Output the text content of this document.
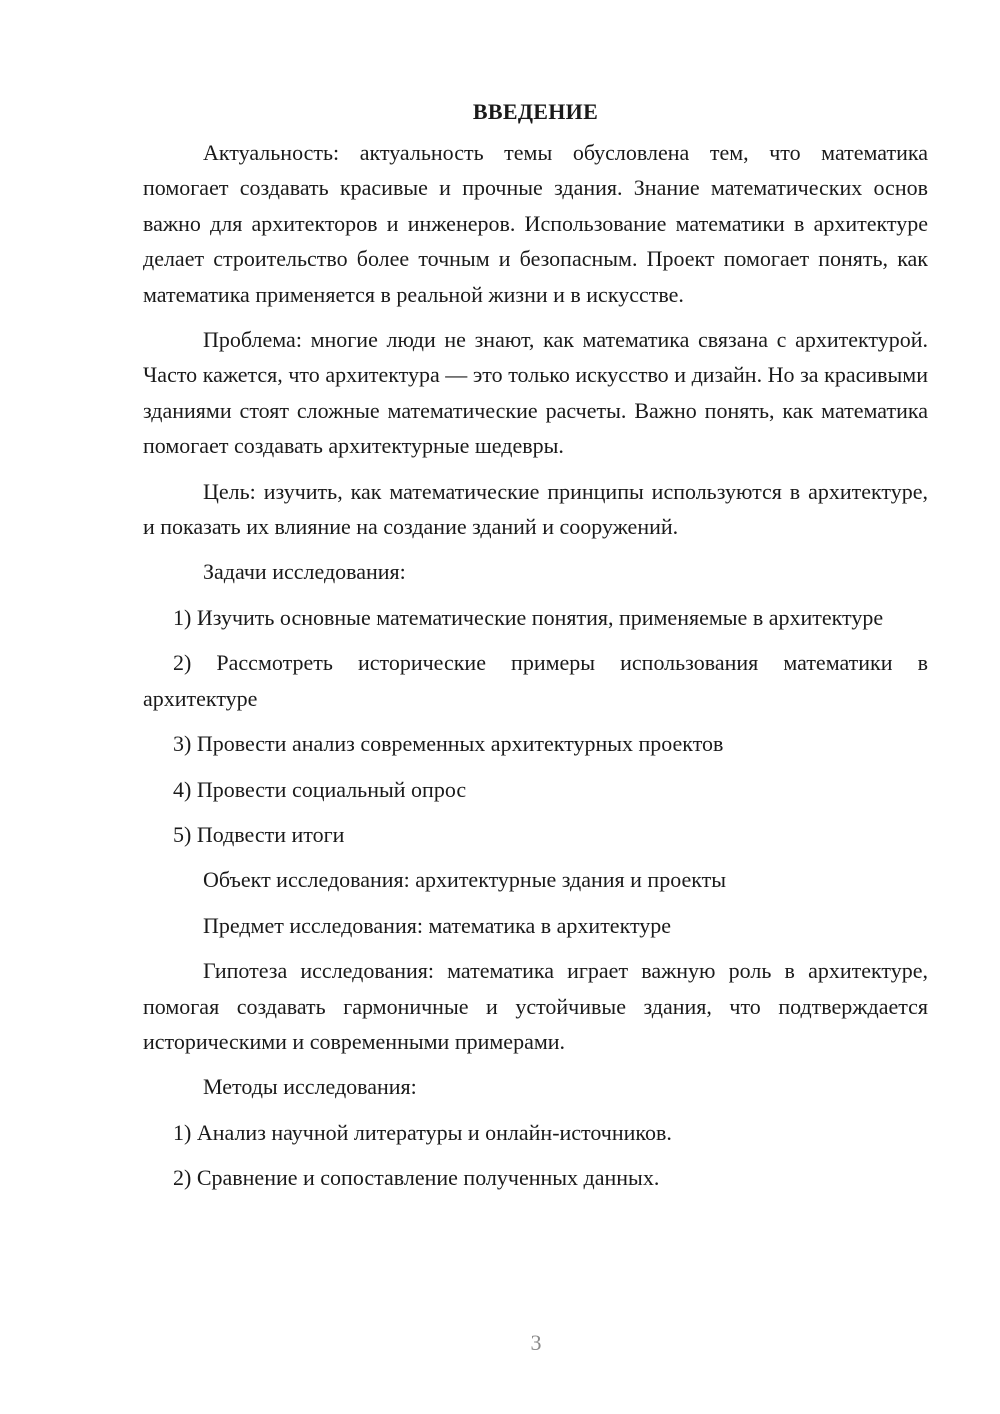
ВВЕДЕНИЕ

Актуальность: актуальность темы обусловлена тем, что математика помогает создавать красивые и прочные здания. Знание математических основ важно для архитекторов и инженеров. Использование математики в архитектуре делает строительство более точным и безопасным. Проект помогает понять, как математика применяется в реальной жизни и в искусстве.

Проблема: многие люди не знают, как математика связана с архитектурой. Часто кажется, что архитектура — это только искусство и дизайн. Но за красивыми зданиями стоят сложные математические расчеты. Важно понять, как математика помогает создавать архитектурные шедевры.

Цель: изучить, как математические принципы используются в архитектуре, и показать их влияние на создание зданий и сооружений.

Задачи исследования:

1) Изучить основные математические понятия, применяемые в архитектуре

2) Рассмотреть исторические примеры использования математики в архитектуре

3) Провести анализ современных архитектурных проектов

4) Провести социальный опрос

5) Подвести итоги

Объект исследования: архитектурные здания и проекты

Предмет исследования: математика в архитектуре

Гипотеза исследования: математика играет важную роль в архитектуре, помогая создавать гармоничные и устойчивые здания, что подтверждается историческими и современными примерами.

Методы исследования:

1) Анализ научной литературы и онлайн-источников.

2) Сравнение и сопоставление полученных данных.

3
